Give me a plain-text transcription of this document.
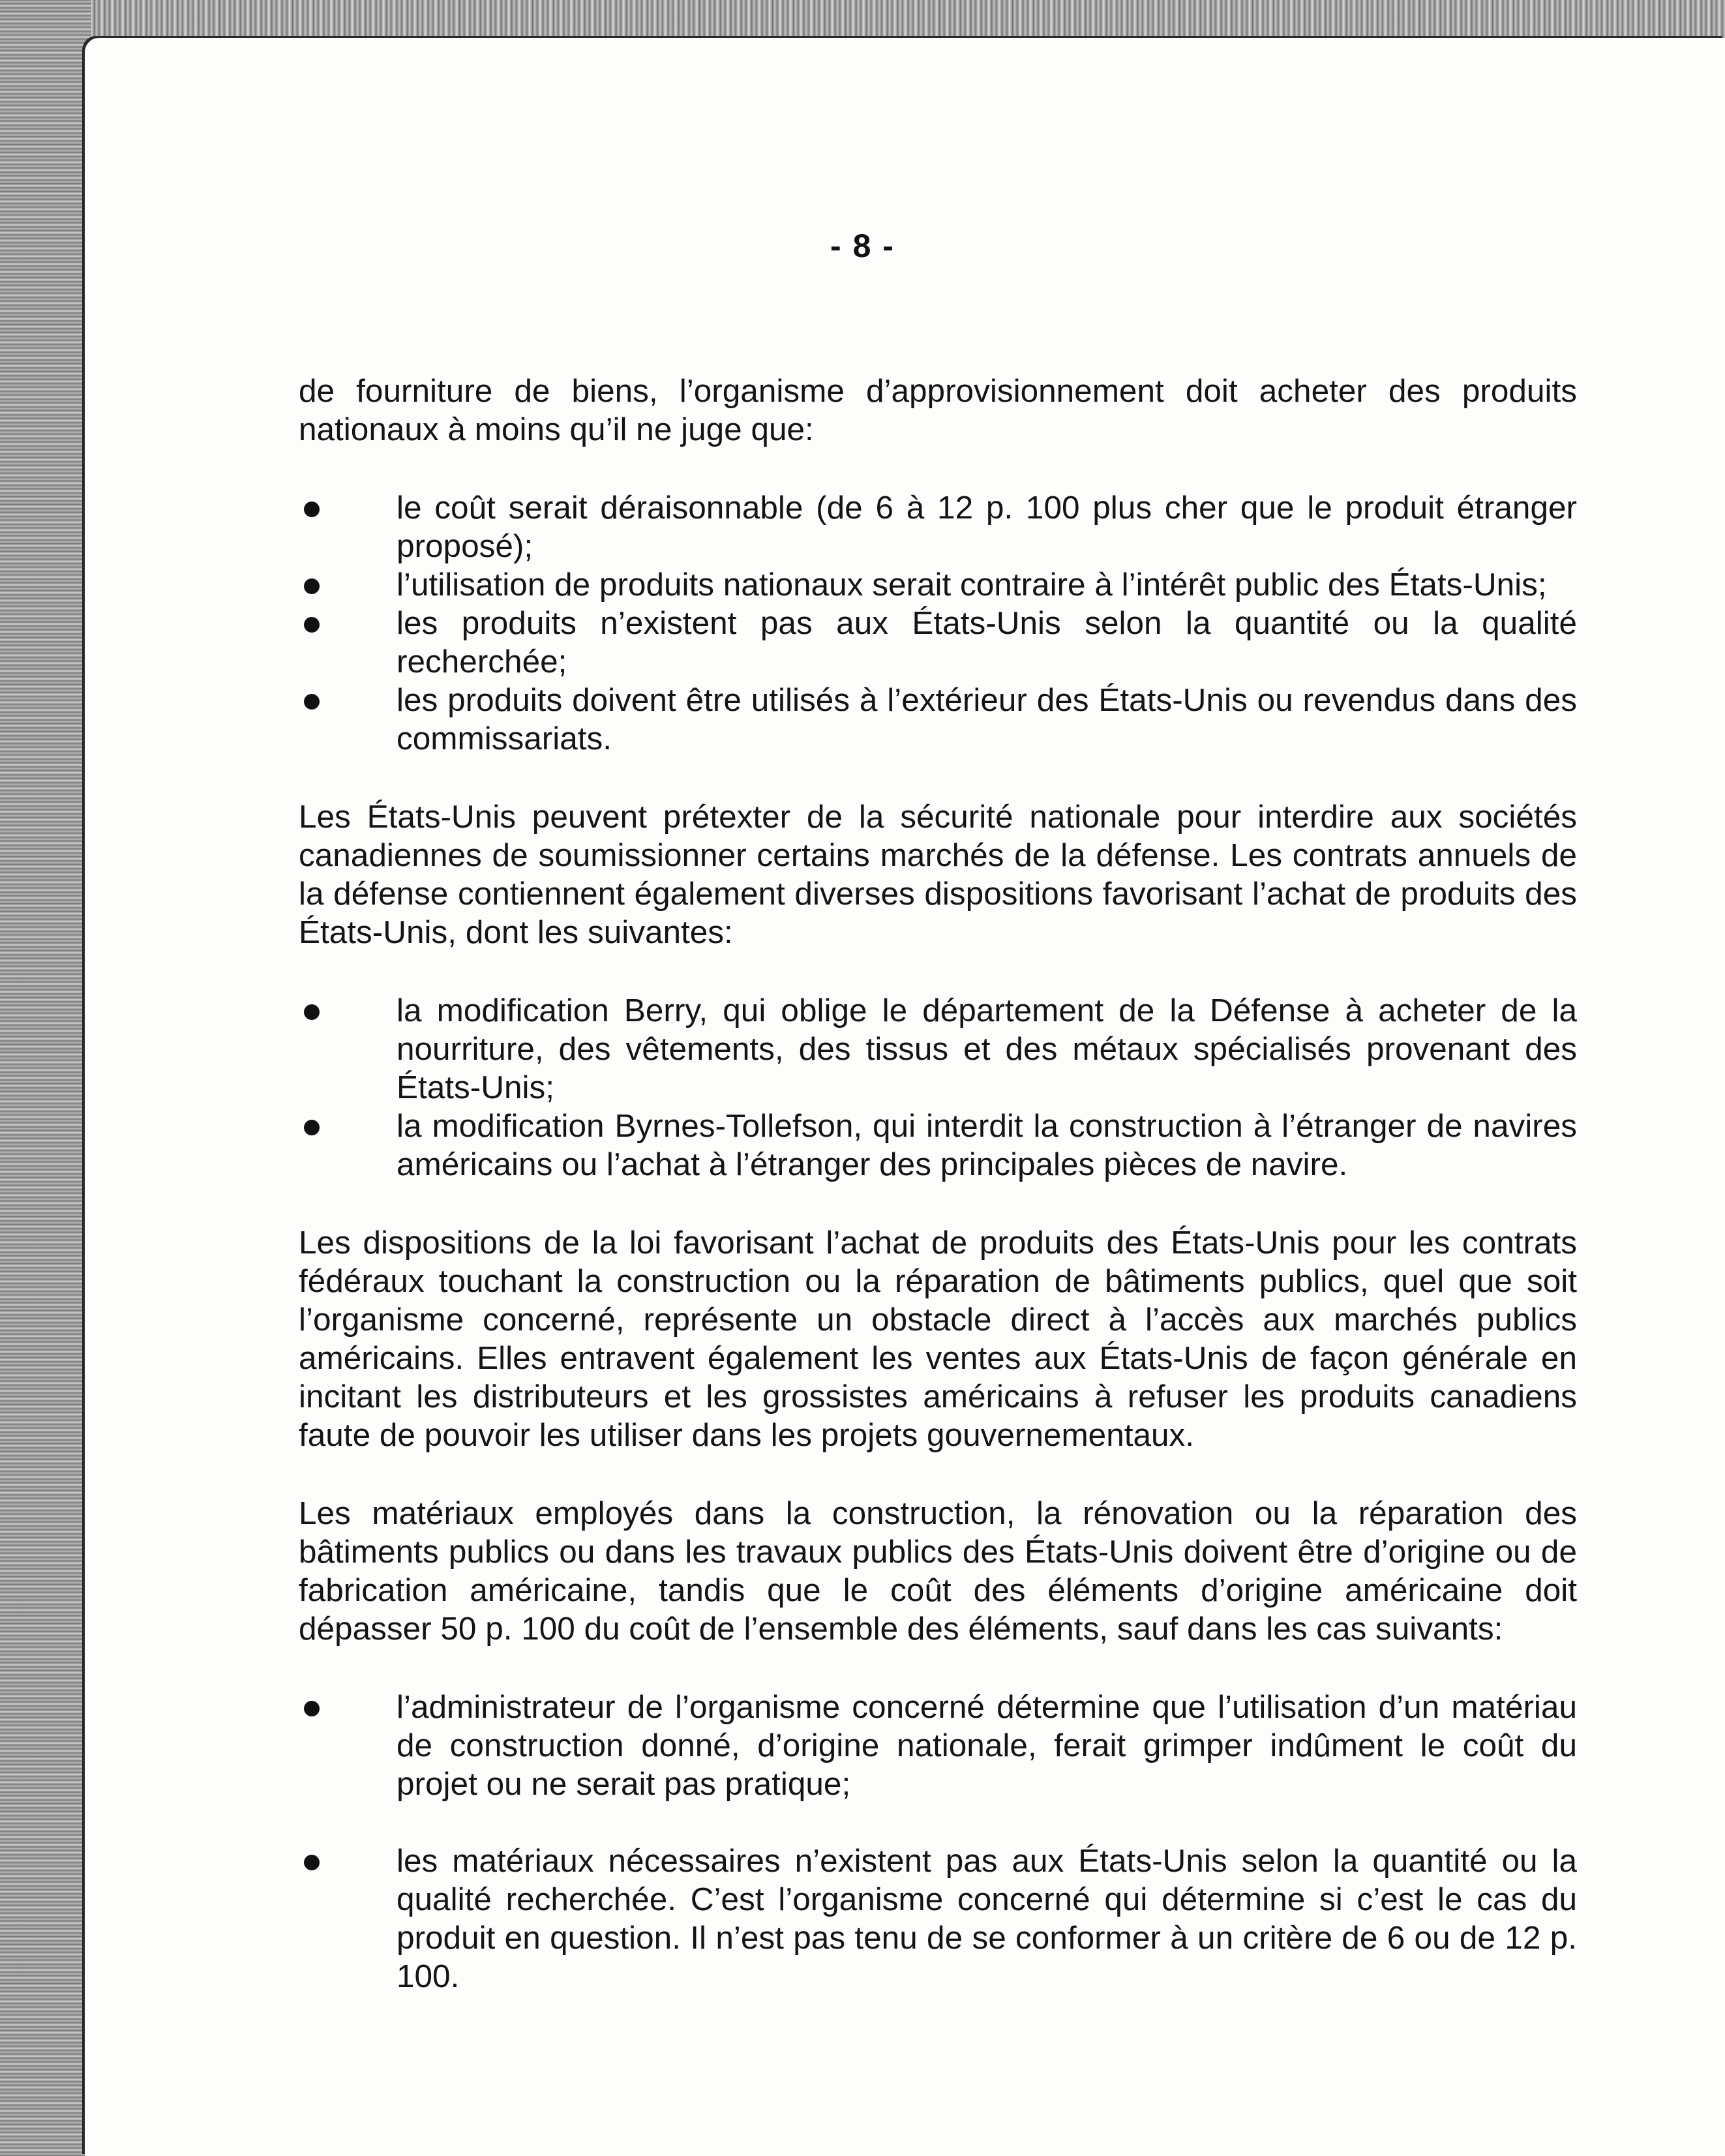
- 8 -

de fourniture de biens, l’organisme d’approvisionnement doit acheter des produits nationaux à moins qu’il ne juge que:

le coût serait déraisonnable (de 6 à 12 p. 100 plus cher que le produit étranger proposé);
l’utilisation de produits nationaux serait contraire à l’intérêt public des États-Unis;
les produits n’existent pas aux États-Unis selon la quantité ou la qualité recherchée;
les produits doivent être utilisés à l’extérieur des États-Unis ou revendus dans des commissariats.

Les États-Unis peuvent prétexter de la sécurité nationale pour interdire aux sociétés canadiennes de soumissionner certains marchés de la défense. Les contrats annuels de la défense contiennent également diverses dispositions favorisant l’achat de produits des États-Unis, dont les suivantes:

la modification Berry, qui oblige le département de la Défense à acheter de la nourriture, des vêtements, des tissus et des métaux spécialisés provenant des États-Unis;
la modification Byrnes-Tollefson, qui interdit la construction à l’étranger de navires américains ou l’achat à l’étranger des principales pièces de navire.

Les dispositions de la loi favorisant l’achat de produits des États-Unis pour les contrats fédéraux touchant la construction ou la réparation de bâtiments publics, quel que soit l’organisme concerné, représente un obstacle direct à l’accès aux marchés publics américains. Elles entravent également les ventes aux États-Unis de façon générale en incitant les distributeurs et les grossistes américains à refuser les produits canadiens faute de pouvoir les utiliser dans les projets gouvernementaux.

Les matériaux employés dans la construction, la rénovation ou la réparation des bâtiments publics ou dans les travaux publics des États-Unis doivent être d’origine ou de fabrication américaine, tandis que le coût des éléments d’origine américaine doit dépasser 50 p. 100 du coût de l’ensemble des éléments, sauf dans les cas suivants:

l’administrateur de l’organisme concerné détermine que l’utilisation d’un matériau de construction donné, d’origine nationale, ferait grimper indûment le coût du projet ou ne serait pas pratique;
les matériaux nécessaires n’existent pas aux États-Unis selon la quantité ou la qualité recherchée. C’est l’organisme concerné qui détermine si c’est le cas du produit en question. Il n’est pas tenu de se conformer à un critère de 6 ou de 12 p. 100.
